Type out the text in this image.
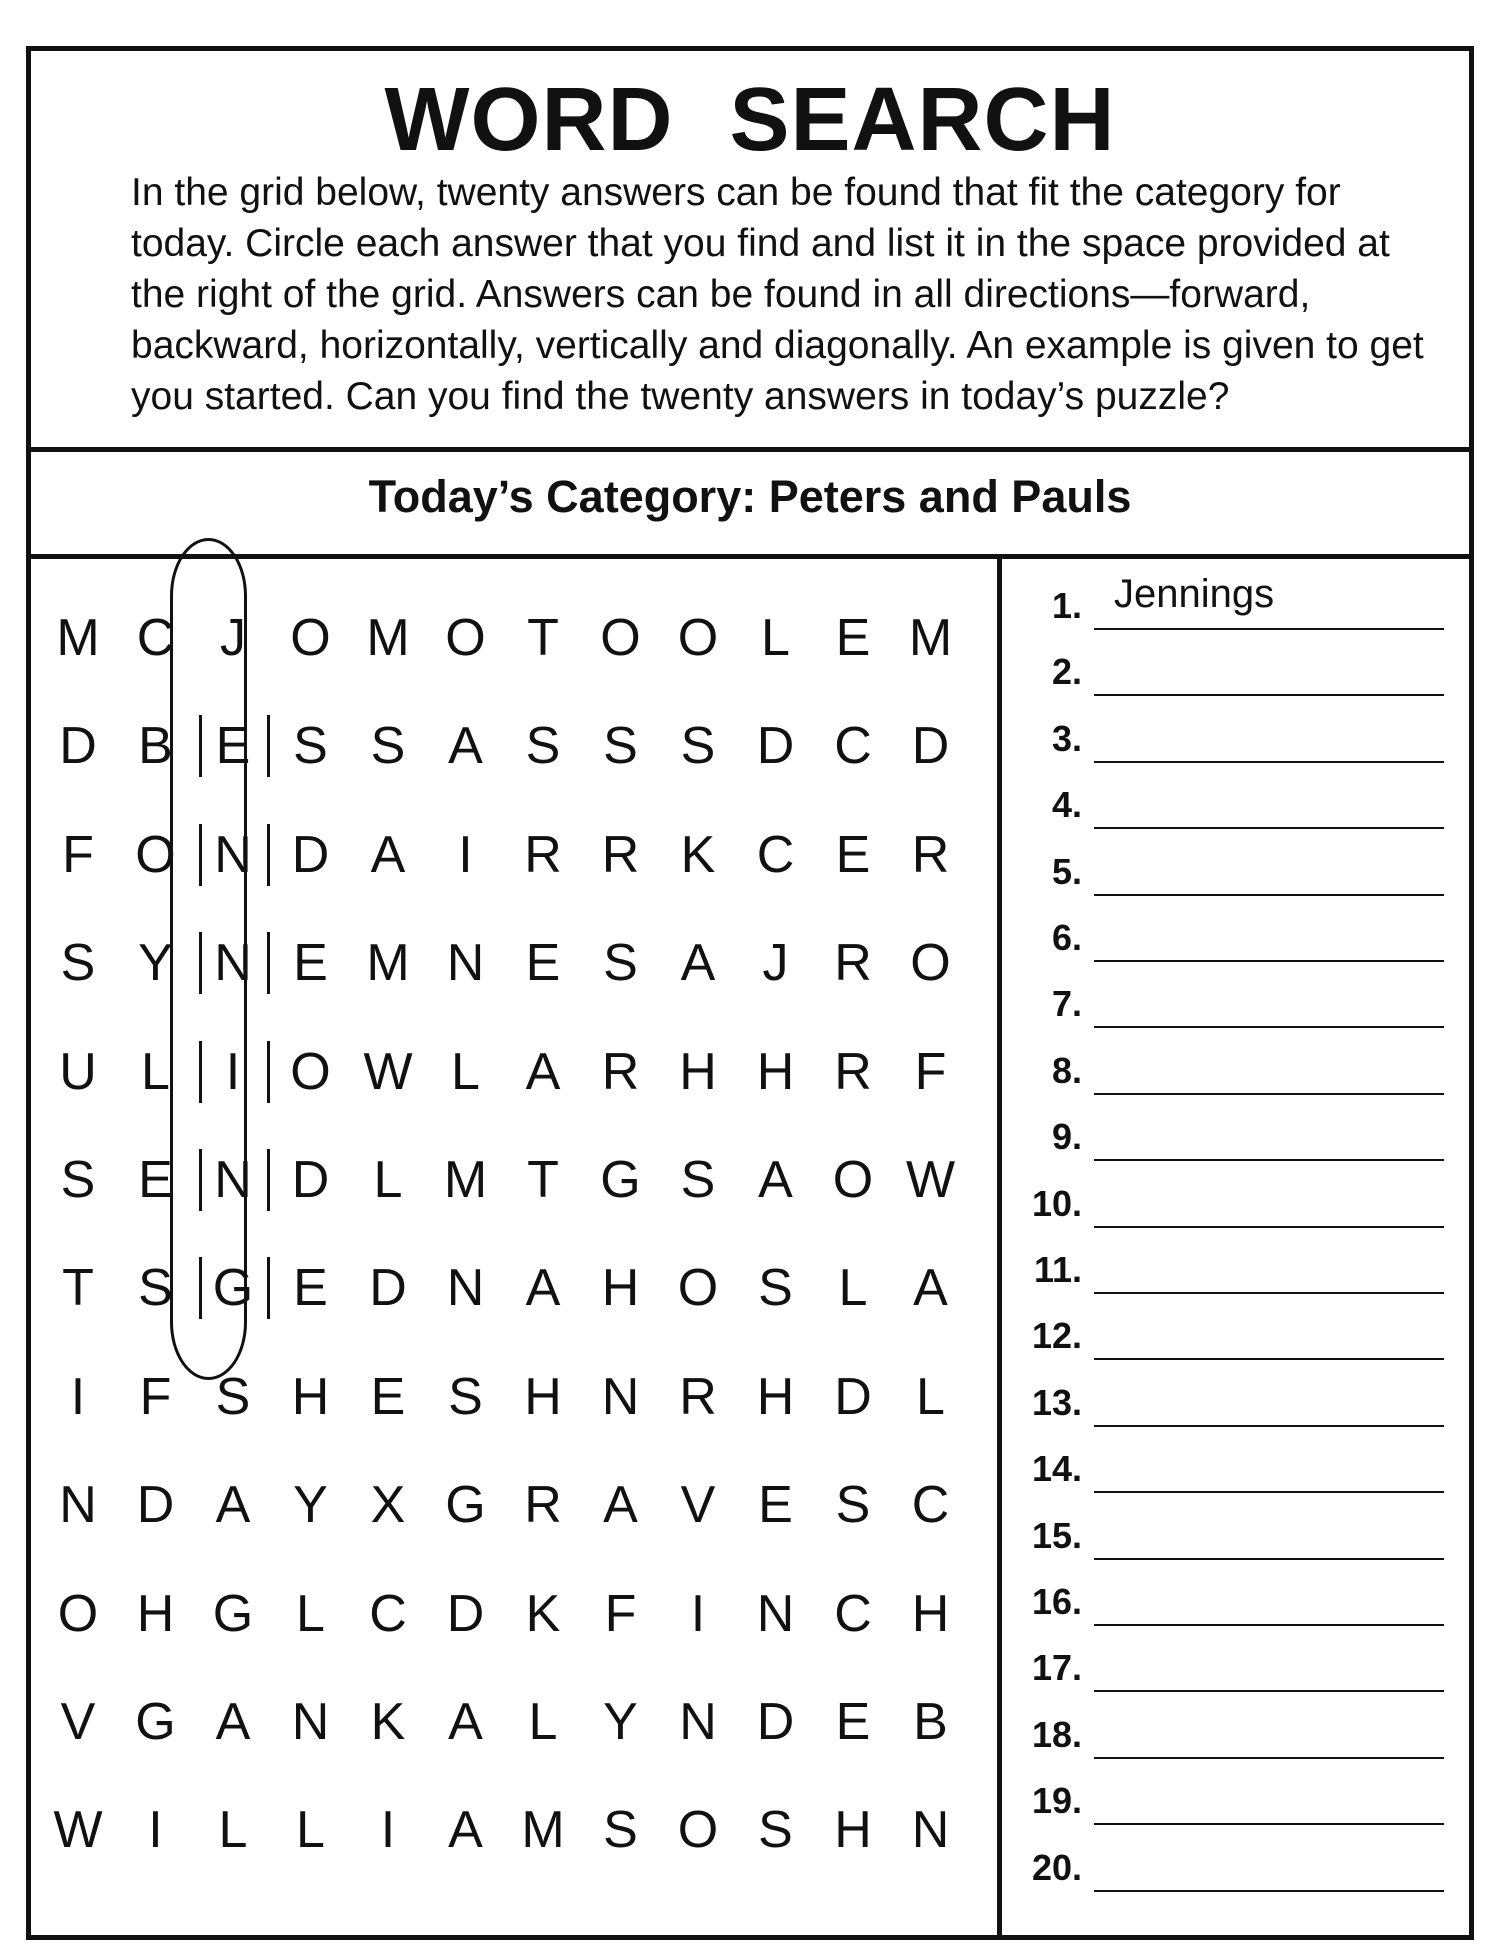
WORD SEARCH
In the grid below, twenty answers can be found that fit the category for today. Circle each answer that you find and list it in the space provided at the right of the grid. Answers can be found in all directions—forward, backward, horizontally, vertically and diagonally. An example is given to get you started. Can you find the twenty answers in today’s puzzle?
Today’s Category: Peters and Pauls
M C J O M O T O O L E M
D B E S S A S S S D C D
F O N D A	I R R K C E R
S Y N E M N E S A J R O
U L	I O W L A R H H R F
S E N D L M T G S A O W
T S G E D N A H O S L A
I	F S H E S H N R H D L
N D A Y X G R A V E S C
O H G L C D K F	I N C H
V G A N K A L Y N D E B
W I	L L	I	A M S O S H N
1. Jennings
2.
3.
4.
5.
6.
7.
8.
9.
10.
11.
12.
13.
14.
15.
16.
17.
18.
19.
20.
